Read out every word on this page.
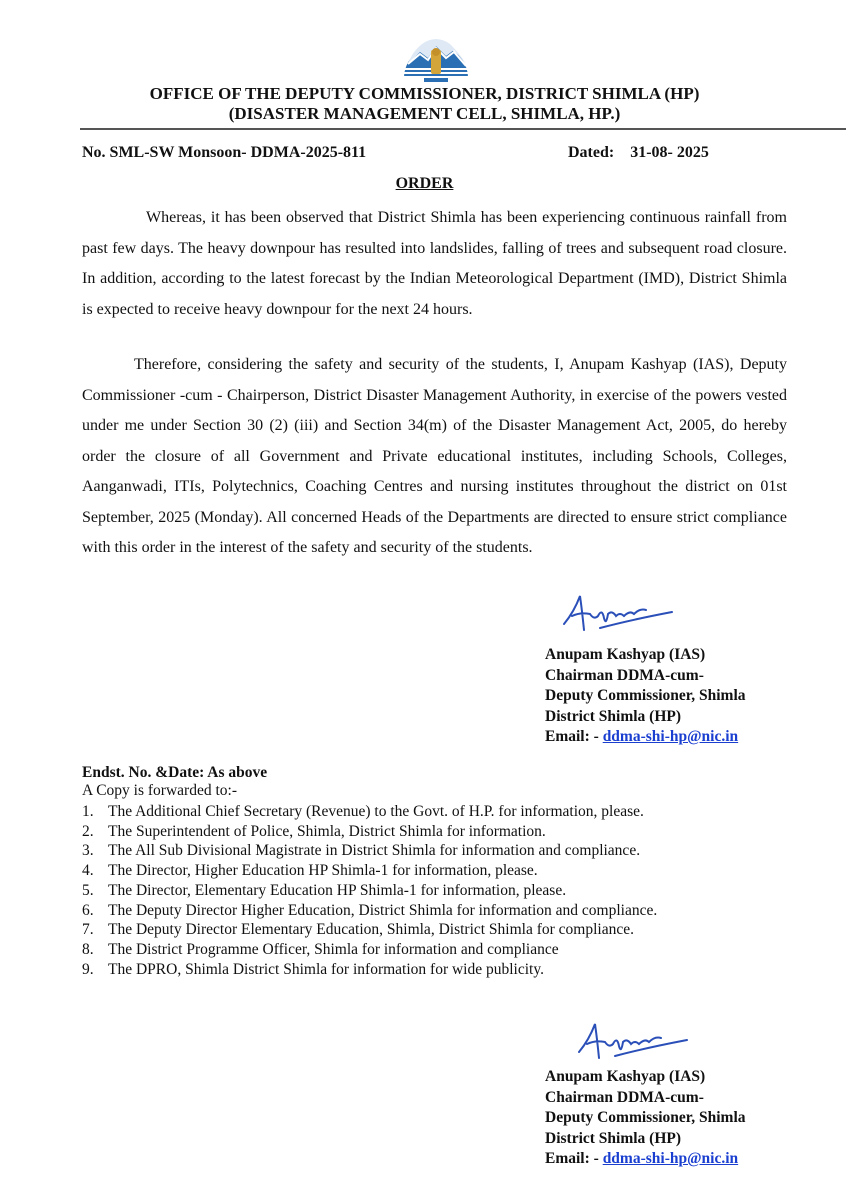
OFFICE OF THE DEPUTY COMMISSIONER, DISTRICT SHIMLA (HP)
(DISASTER MANAGEMENT CELL, SHIMLA, HP.)
No. SML-SW Monsoon- DDMA-2025-811	Dated: 31-08- 2025
ORDER

Whereas, it has been observed that District Shimla has been experiencing continuous rainfall from past few days. The heavy downpour has resulted into landslides, falling of trees and subsequent road closure. In addition, according to the latest forecast by the Indian Meteorological Department (IMD), District Shimla is expected to receive heavy downpour for the next 24 hours.

Therefore, considering the safety and security of the students, I, Anupam Kashyap (IAS), Deputy Commissioner -cum - Chairperson, District Disaster Management Authority, in exercise of the powers vested under me under Section 30 (2) (iii) and Section 34(m) of the Disaster Management Act, 2005, do hereby order the closure of all Government and Private educational institutes, including Schools, Colleges, Aanganwadi, ITIs, Polytechnics, Coaching Centres and nursing institutes throughout the district on 01st September, 2025 (Monday). All concerned Heads of the Departments are directed to ensure strict compliance with this order in the interest of the safety and security of the students.

Anupam Kashyap (IAS)
Chairman DDMA-cum-
Deputy Commissioner, Shimla
District Shimla (HP)
Email: - ddma-shi-hp@nic.in
Endst. No. &Date: As above
A Copy is forwarded to:-
1. The Additional Chief Secretary (Revenue) to the Govt. of H.P. for information, please.
2. The Superintendent of Police, Shimla, District Shimla for information.
3. The All Sub Divisional Magistrate in District Shimla for information and compliance.
4. The Director, Higher Education HP Shimla-1 for information, please.
5. The Director, Elementary Education HP Shimla-1 for information, please.
6. The Deputy Director Higher Education, District Shimla for information and compliance.
7. The Deputy Director Elementary Education, Shimla, District Shimla for compliance.
8. The District Programme Officer, Shimla for information and compliance
9. The DPRO, Shimla District Shimla for information for wide publicity.
Anupam Kashyap (IAS)
Chairman DDMA-cum-
Deputy Commissioner, Shimla
District Shimla (HP)
Email: - ddma-shi-hp@nic.in
